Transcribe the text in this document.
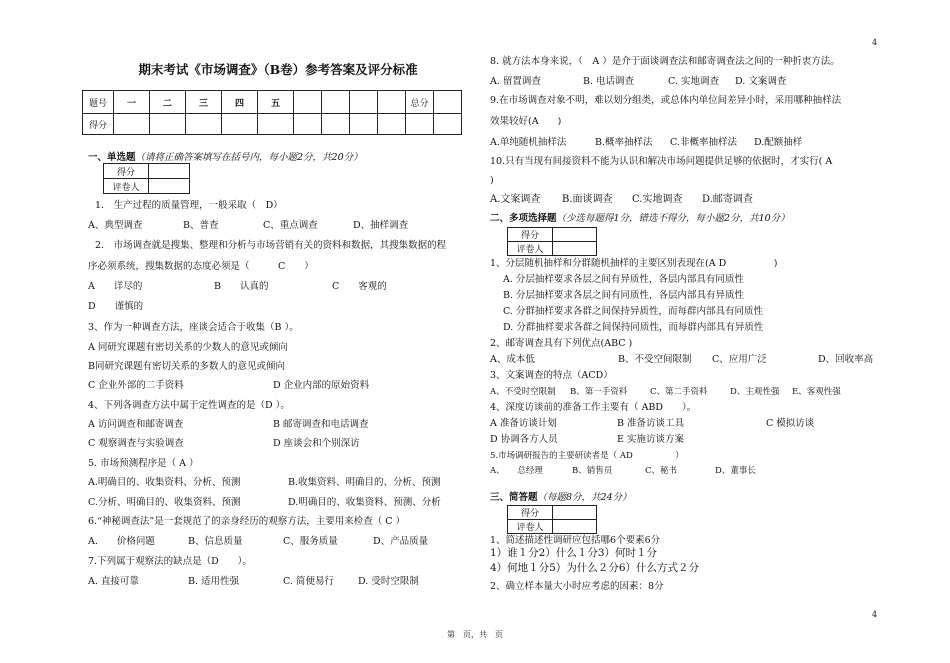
4
4
期末考试《市场调查》（B卷）参考答案及评分标准
题号	一	二	三	四	五					总分	
得分											
一、单选题（请将正确答案填写在括号内，每小题2分，共20分）
得分	
评卷人	
1.　生产过程的质量管理，一般采取（　D）
A、典型调查	B、普查	C、重点调查	D、抽样调查
2.　市场调查就是搜集、整理和分析与市场营销有关的资料和数据，其搜集数据的程
序必须系统，搜集数据的态度必须是（　　　C　　）
A　　详尽的	B　　认真的	C　　客观的
D　　谨慎的
3、作为一种调查方法，座谈会适合于收集（B ）。
A 同研究课题有密切关系的少数人的意见或倾向
B同研究课题有密切关系的多数人的意见或倾向
C 企业外部的二手资料	D 企业内部的原始资料
4、下列各调查方法中属于定性调查的是（D ）。
A 访问调查和邮寄调查	B 邮寄调查和电话调查
C 观察调查与实验调查	D 座谈会和个别深访
5. 市场预测程序是（ A ）
A.明确目的、收集资料、分析、预测	B.收集资料、明确目的、分析、预测
C.分析、明确目的、收集资料、预测	D.明确目的、收集资料、预测、分析
6.“神秘调查法”是一套规范了的亲身经历的观察方法，主要用来检查（ C ）
A.　　价格问题	B、信息质量	C、服务质量	D、产品质量
7.下列属于观察法的缺点是（D　　）。
A. 直接可靠	B. 适用性强	C. 简便易行	D. 受时空限制
8. 就方法本身来说，（　A ）是介于面谈调查法和邮寄调查法之间的一种折衷方法。
A. 留置调查	B. 电话调查	C. 实地调查 D. 文案调查
9.在市场调查对象不明，难以划分组类，或总体内单位间差异小时，采用哪种抽样法
效果较好(A　　)
A.单纯随机抽样法	B.概率抽样法 C.非概率抽样法 D.配额抽样
10.只有当现有间接资料不能为认识和解决市场问题提供足够的依据时，才实行( A
)
A.文案调查 B.面谈调查 C.实地调查 D.邮寄调查
二、多项选择题（少选每题得1分，错选不得分，每小题2分，共10分）
得分	
评卷人	
1、分层随机抽样和分群随机抽样的主要区别表现在(A D　　　　　)
A. 分层抽样要求各层之间有异质性，各层内部具有同质性
B. 分层抽样要求各层之间有同质性，各层内部具有异质性
C. 分群抽样要求各群之间保持异质性，而每群内部具有同质性
D. 分群抽样要求各群之间保持同质性，而每群内部具有异质性
2、邮寄调查具有下列优点(ABC )
A、成本低	B、不受空间限制 C、应用广泛	D、回收率高
3、文案调查的特点（ACD）
A、不受时空限制 B、第一手资料	C、第二手资料	D、主观性强 E、客观性强
4、深度访谈前的准备工作主要有（ ABD　　）。
A 准备访谈计划	B 准备访谈工具	C 模拟访谈
D 协调各方人员	E 实施访谈方案
5.市场调研报告的主要研读者是（ AD　　　　　）
A、　　总经理	B、销售员	C、秘书	D、董事长
三、简答题（每题8分，共24分）
得分	
评卷人	
1、简述描述性调研应包括哪6个要素6分
1）谁１分2）什么１分3）何时１分
4）何地１分5）为什么２分6）什么方式２分
2、确立样本量大小时应考虑的因素：8分
第　页，共　页
